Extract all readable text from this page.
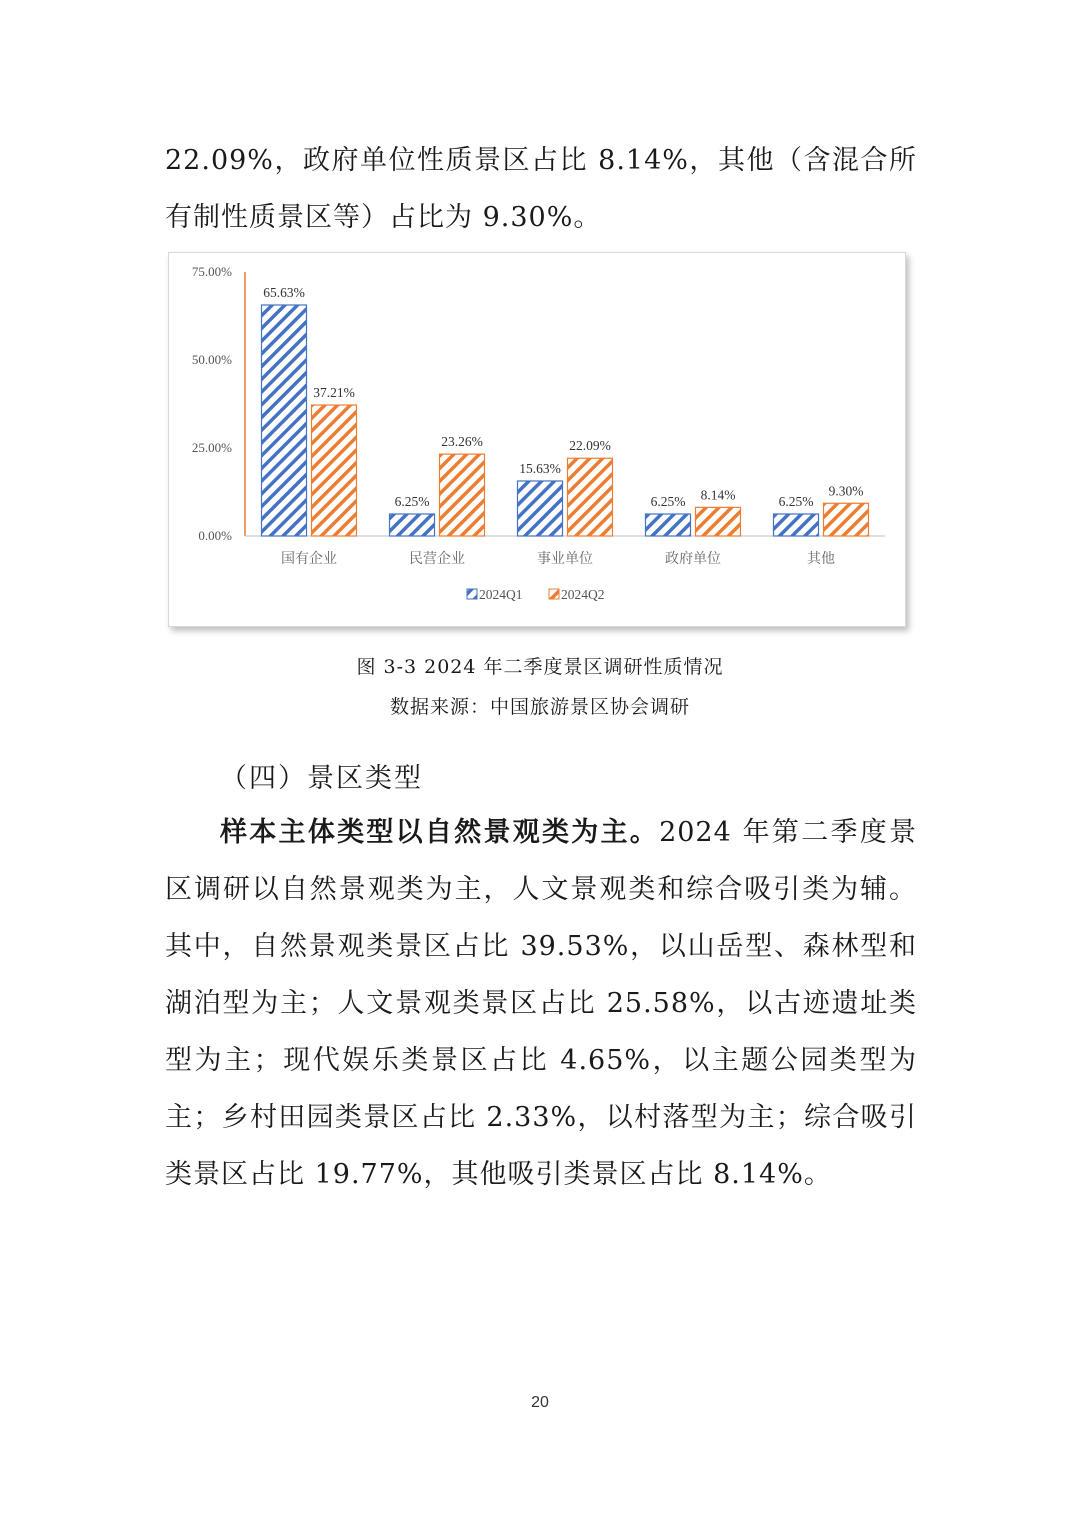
22.09%，政府单位性质景区占比 8.14%，其他（含混合所有制性质景区等）占比为 9.30%。

0.00%
25.00%
50.00%
75.00%
国有企业
65.63%
37.21%
民营企业
6.25%
23.26%
事业单位
15.63%
22.09%
政府单位
6.25% 8.14%
其他
6.25%
9.30%
2024Q1	2024Q2

图 3-3 2024 年二季度景区调研性质情况

数据来源：中国旅游景区协会调研

（四）景区类型

样本主体类型以自然景观类为主。2024 年第二季度景区调研以自然景观类为主，人文景观类和综合吸引类为辅。其中，自然景观类景区占比 39.53%，以山岳型、森林型和湖泊型为主；人文景观类景区占比 25.58%，以古迹遗址类型为主；现代娱乐类景区占比 4.65%，以主题公园类型为主；乡村田园类景区占比 2.33%，以村落型为主；综合吸引类景区占比 19.77%，其他吸引类景区占比 8.14%。

20
